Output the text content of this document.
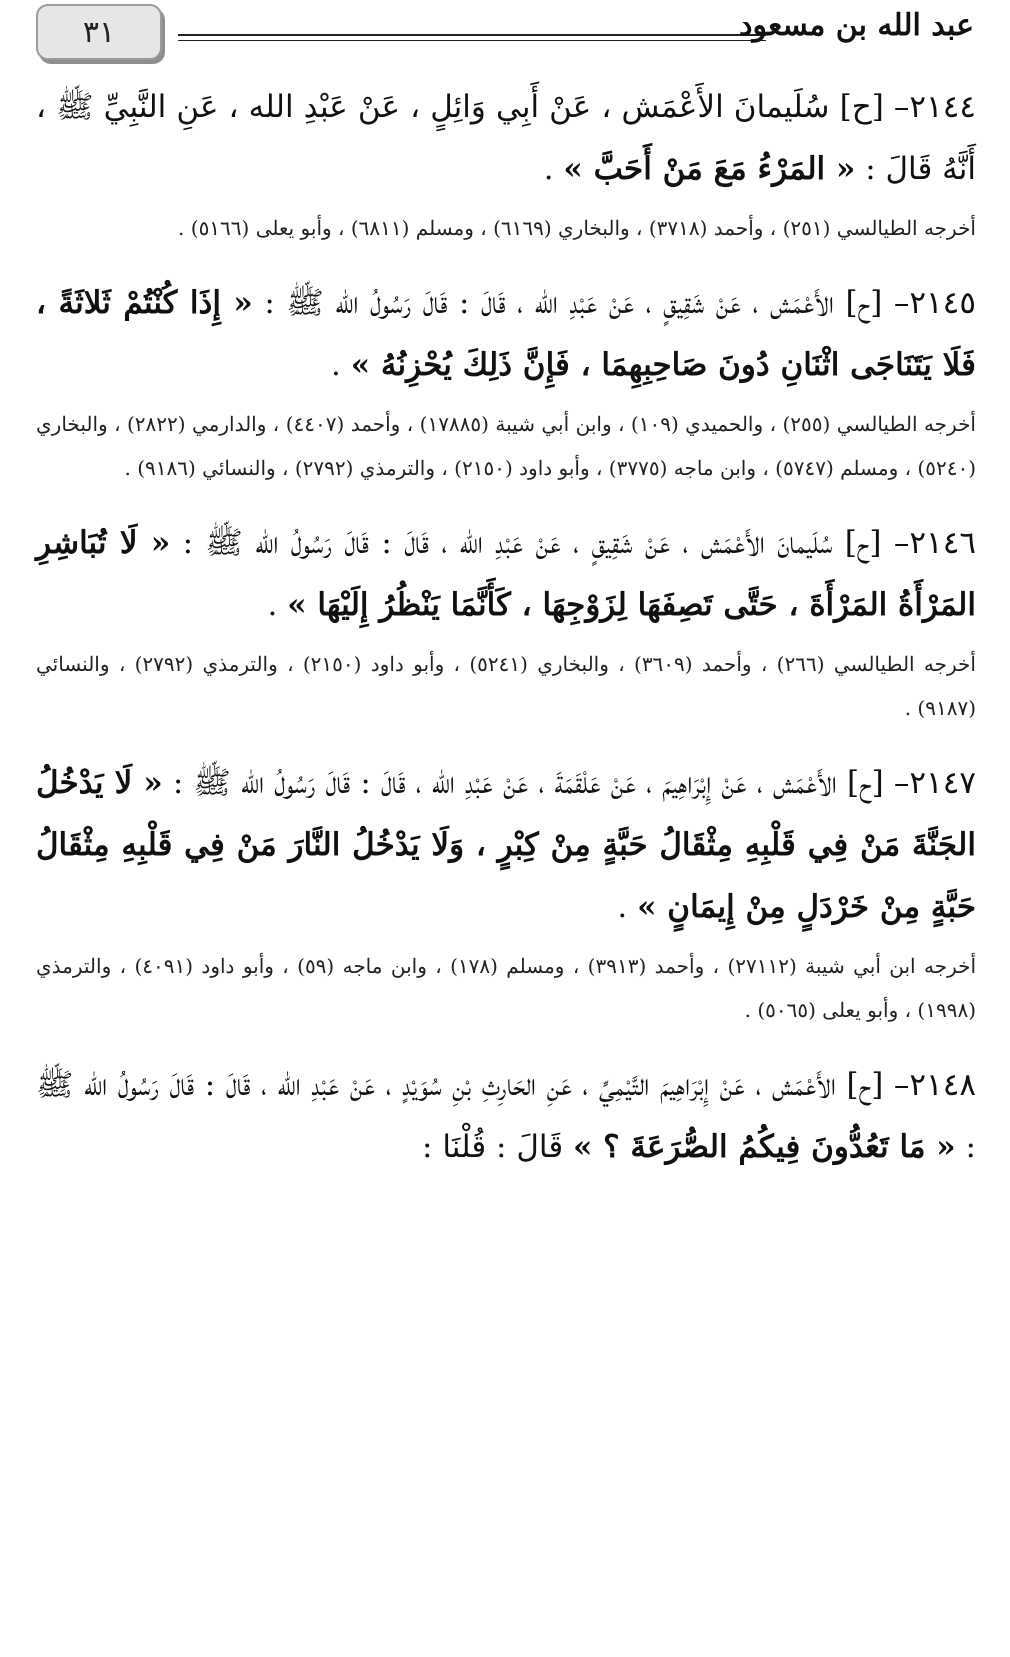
٣١	عبد الله بن مسعود

٢١٤٤– [ح] سُلَيمانَ الأَعْمَش ، عَنْ أَبِي وَائِلٍ ، عَنْ عَبْدِ الله ، عَنِ النَّبِيِّ ﷺ ، أَنَّهُ قَالَ : « المَرْءُ مَعَ مَنْ أَحَبَّ » .

أخرجه الطيالسي (٢٥١) ، وأحمد (٣٧١٨) ، والبخاري (٦١٦٩) ، ومسلم (٦٨١١) ، وأبو يعلى (٥١٦٦) .

٢١٤٥– [ح] الأَعْمَش ، عَنْ شَقِيقٍ ، عَنْ عَبْدِ الله ، قَالَ : قَالَ رَسُولُ الله ﷺ : « إِذَا كُنْتُمْ ثَلاثَةً ، فَلَا يَتَنَاجَى اثْنَانِ دُونَ صَاحِبِهِمَا ، فَإِنَّ ذَلِكَ يُحْزِنُهُ » .

أخرجه الطيالسي (٢٥٥) ، والحميدي (١٠٩) ، وابن أبي شيبة (١٧٨٨٥) ، وأحمد (٤٤٠٧) ، والدارمي (٢٨٢٢) ، والبخاري (٥٢٤٠) ، ومسلم (٥٧٤٧) ، وابن ماجه (٣٧٧٥) ، وأبو داود (٢١٥٠) ، والترمذي (٢٧٩٢) ، والنسائي (٩١٨٦) .

٢١٤٦– [ح] سُلَيمانَ الأَعْمَش ، عَنْ شَقِيقٍ ، عَنْ عَبْدِ الله ، قَالَ : قَالَ رَسُولُ الله ﷺ : « لَا تُبَاشِرِ المَرْأَةُ المَرْأَةَ ، حَتَّى تَصِفَهَا لِزَوْجِهَا ، كَأَنَّمَا يَنْظُرُ إِلَيْهَا » .

أخرجه الطيالسي (٢٦٦) ، وأحمد (٣٦٠٩) ، والبخاري (٥٢٤١) ، وأبو داود (٢١٥٠) ، والترمذي (٢٧٩٢) ، والنسائي (٩١٨٧) .

٢١٤٧– [ح] الأَعْمَش ، عَنْ إِبْرَاهِيمَ ، عَنْ عَلْقَمَةَ ، عَنْ عَبْدِ الله ، قَالَ : قَالَ رَسُولُ الله ﷺ : « لَا يَدْخُلُ الجَنَّةَ مَنْ فِي قَلْبِهِ مِثْقَالُ حَبَّةٍ مِنْ كِبْرٍ ، وَلَا يَدْخُلُ النَّارَ مَنْ فِي قَلْبِهِ مِثْقَالُ حَبَّةٍ مِنْ خَرْدَلٍ مِنْ إِيمَانٍ » .

أخرجه ابن أبي شيبة (٢٧١١٢) ، وأحمد (٣٩١٣) ، ومسلم (١٧٨) ، وابن ماجه (٥٩) ، وأبو داود (٤٠٩١) ، والترمذي (١٩٩٨) ، وأبو يعلى (٥٠٦٥) .

٢١٤٨– [ح] الأَعْمَش ، عَنْ إِبْرَاهِيمَ التَّيْمِيِّ ، عَنِ الحَارِثِ بْنِ سُوَيْدٍ ، عَنْ عَبْدِ الله ، قَالَ : قَالَ رَسُولُ الله ﷺ : « مَا تَعُدُّونَ فِيكُمُ الصُّرَعَةَ ؟ » قَالَ : قُلْنَا :
